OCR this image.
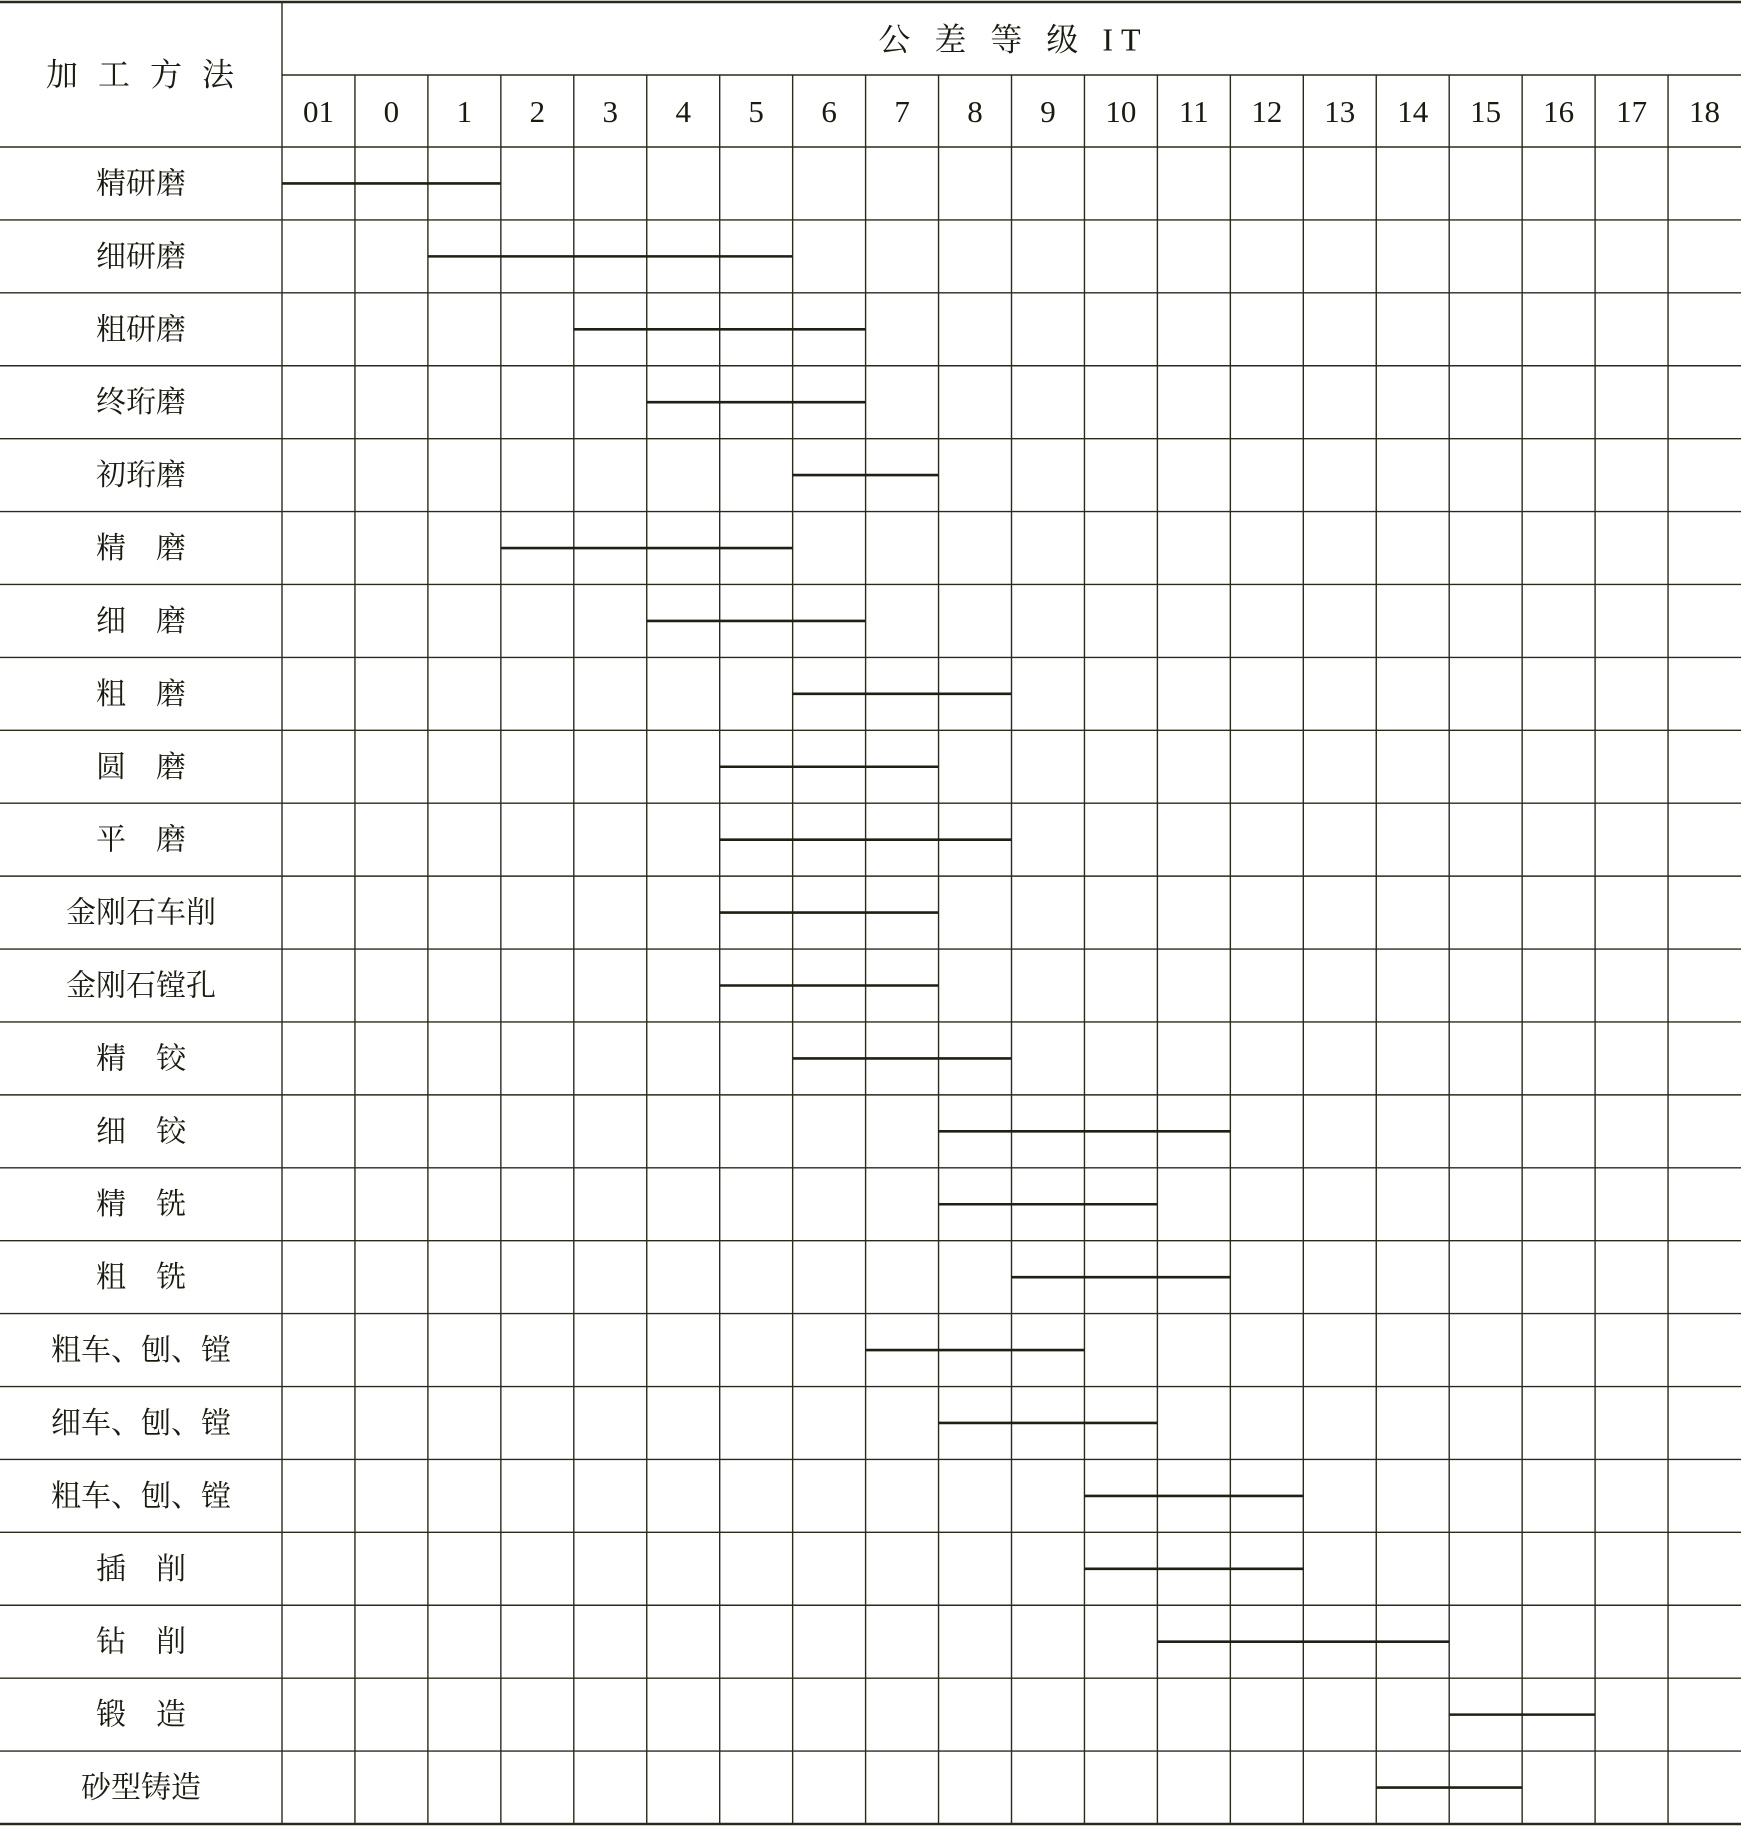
加 工 方 法
公 差 等 级 IT
01 0 1 2 3 4 5 6 7 8 9 10 11 12 13 14 15 16 17 18
精研磨
细研磨
粗研磨
终珩磨
初珩磨
精　磨
细　磨
粗　磨
圆　磨
平　磨
金刚石车削
金刚石镗孔
精　铰
细　铰
精　铣
粗　铣
粗车、刨、镗
细车、刨、镗
粗车、刨、镗
插　削
钻　削
锻　造
砂型铸造
